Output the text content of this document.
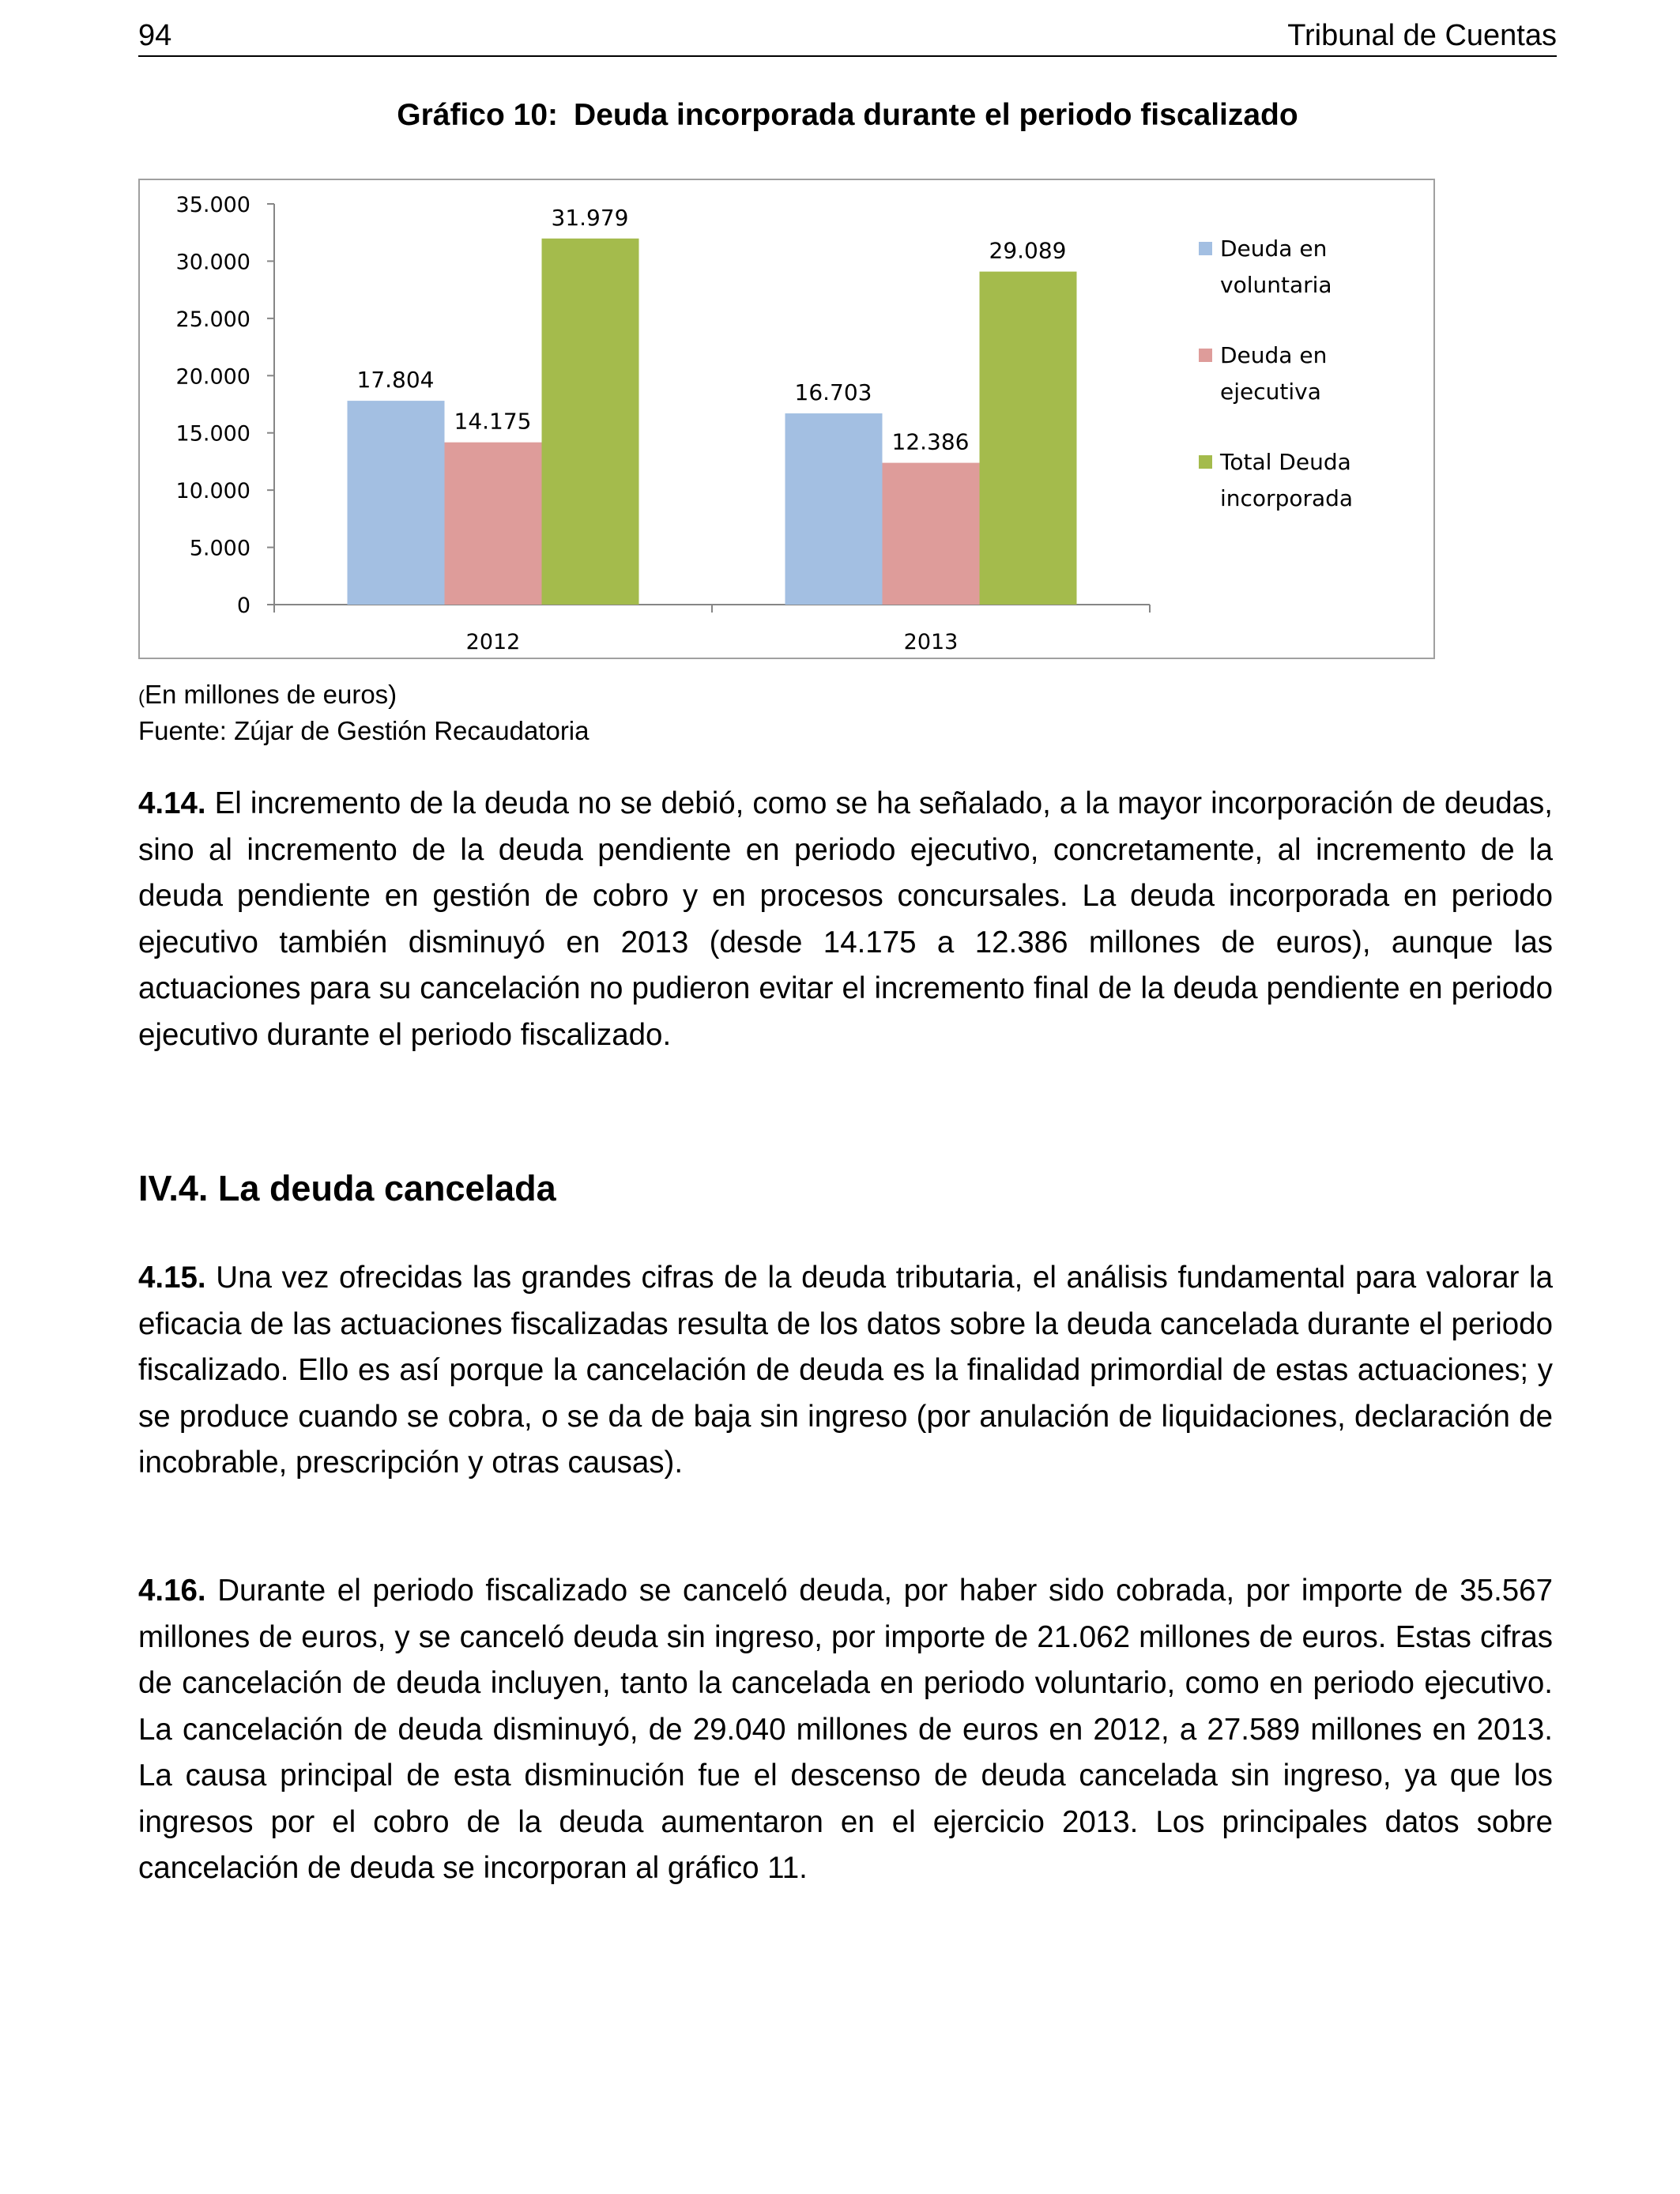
94	Tribunal de Cuentas
Gráfico 10: Deuda incorporada durante el periodo fiscalizado
0
5.000
10.000
15.000
20.000
25.000
30.000
35.000
2012
17.804
14.175
31.979
2013
16.703
12.386
29.089	Deuda en
voluntaria
Deuda en
ejecutiva
Total Deuda
incorporada
(En millones de euros)
Fuente: Zújar de Gestión Recaudatoria
4.14. El incremento de la deuda no se debió, como se ha señalado, a la mayor incorporación de deudas, sino al incremento de la deuda pendiente en periodo ejecutivo, concretamente, al incremento de la deuda pendiente en gestión de cobro y en procesos concursales. La deuda incorporada en periodo ejecutivo también disminuyó en 2013 (desde 14.175 a 12.386 millones de euros), aunque las actuaciones para su cancelación no pudieron evitar el incremento final de la deuda pendiente en periodo ejecutivo durante el periodo fiscalizado.
IV.4. La deuda cancelada
4.15. Una vez ofrecidas las grandes cifras de la deuda tributaria, el análisis fundamental para valorar la eficacia de las actuaciones fiscalizadas resulta de los datos sobre la deuda cancelada durante el periodo fiscalizado. Ello es así porque la cancelación de deuda es la finalidad primordial de estas actuaciones; y se produce cuando se cobra, o se da de baja sin ingreso (por anulación de liquidaciones, declaración de incobrable, prescripción y otras causas).
4.16. Durante el periodo fiscalizado se canceló deuda, por haber sido cobrada, por importe de 35.567 millones de euros, y se canceló deuda sin ingreso, por importe de 21.062 millones de euros. Estas cifras de cancelación de deuda incluyen, tanto la cancelada en periodo voluntario, como en periodo ejecutivo. La cancelación de deuda disminuyó, de 29.040 millones de euros en 2012, a 27.589 millones en 2013. La causa principal de esta disminución fue el descenso de deuda cancelada sin ingreso, ya que los ingresos por el cobro de la deuda aumentaron en el ejercicio 2013. Los principales datos sobre cancelación de deuda se incorporan al gráfico 11.
